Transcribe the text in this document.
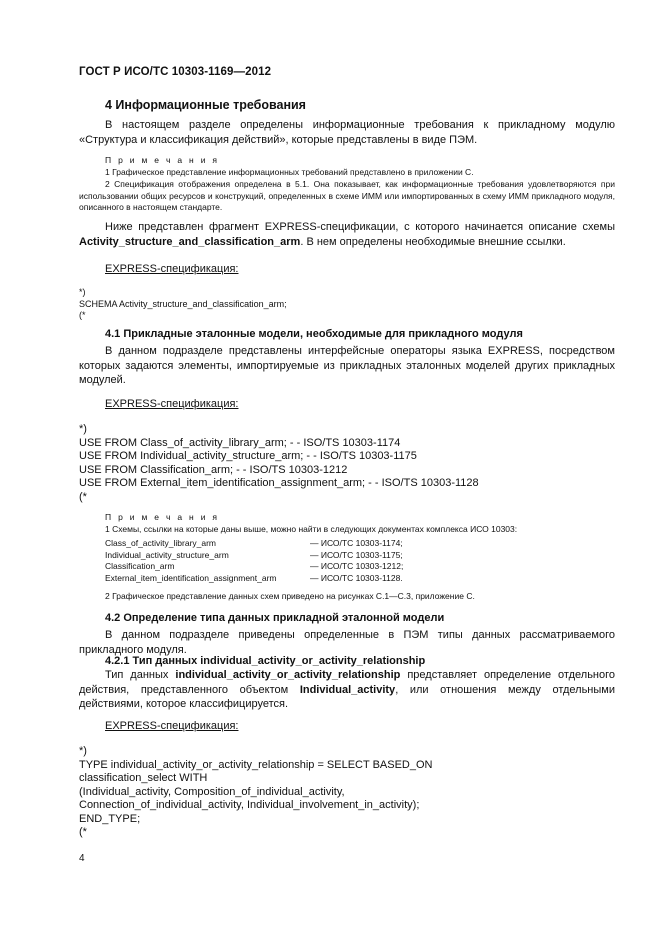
ГОСТ Р ИСО/ТС 10303-1169—2012
4 Информационные требования
В настоящем разделе определены информационные требования к прикладному модулю «Структура и классификация действий», которые представлены в виде ПЭМ.
П р и м е ч а н и я
1 Графическое представление информационных требований представлено в приложении С.
2 Спецификация отображения определена в 5.1. Она показывает, как информационные требования удовлетворяются при использовании общих ресурсов и конструкций, определенных в схеме ИММ или импортированных в схему ИММ прикладного модуля, описанного в настоящем стандарте.
Ниже представлен фрагмент EXPRESS-спецификации, с которого начинается описание схемы Activity_structure_and_classification_arm. В нем определены необходимые внешние ссылки.
EXPRESS-спецификация:
*)
SCHEMA Activity_structure_and_classification_arm;
(*
4.1 Прикладные эталонные модели, необходимые для прикладного модуля
В данном подразделе представлены интерфейсные операторы языка EXPRESS, посредством которых задаются элементы, импортируемые из прикладных эталонных моделей других прикладных модулей.
EXPRESS-спецификация:
*)
USE FROM Class_of_activity_library_arm; - - ISO/TS 10303-1174
USE FROM Individual_activity_structure_arm; - - ISO/TS 10303-1175
USE FROM Classification_arm; - - ISO/TS 10303-1212
USE FROM External_item_identification_assignment_arm; - - ISO/TS 10303-1128
(*
П р и м е ч а н и я
1 Схемы, ссылки на которые даны выше, можно найти в следующих документах комплекса ИСО 10303:
Class_of_activity_library_arm	— ИСО/ТС 10303-1174;
Individual_activity_structure_arm	— ИСО/ТС 10303-1175;
Classification_arm	— ИСО/ТС 10303-1212;
External_item_identification_assignment_arm	— ИСО/ТС 10303-1128.
2 Графическое представление данных схем приведено на рисунках С.1—С.3, приложение С.
4.2 Определение типа данных прикладной эталонной модели
В данном подразделе приведены определенные в ПЭМ типы данных рассматриваемого прикладного модуля.
4.2.1 Тип данных individual_activity_or_activity_relationship
Тип данных individual_activity_or_activity_relationship представляет определение отдельного действия, представленного объектом Individual_activity, или отношения между отдельными действиями, которое классифицируется.
EXPRESS-спецификация:
*)
TYPE individual_activity_or_activity_relationship = SELECT BASED_ON
classification_select WITH
(Individual_activity, Composition_of_individual_activity,
Connection_of_individual_activity, Individual_involvement_in_activity);
END_TYPE;
(*
4
